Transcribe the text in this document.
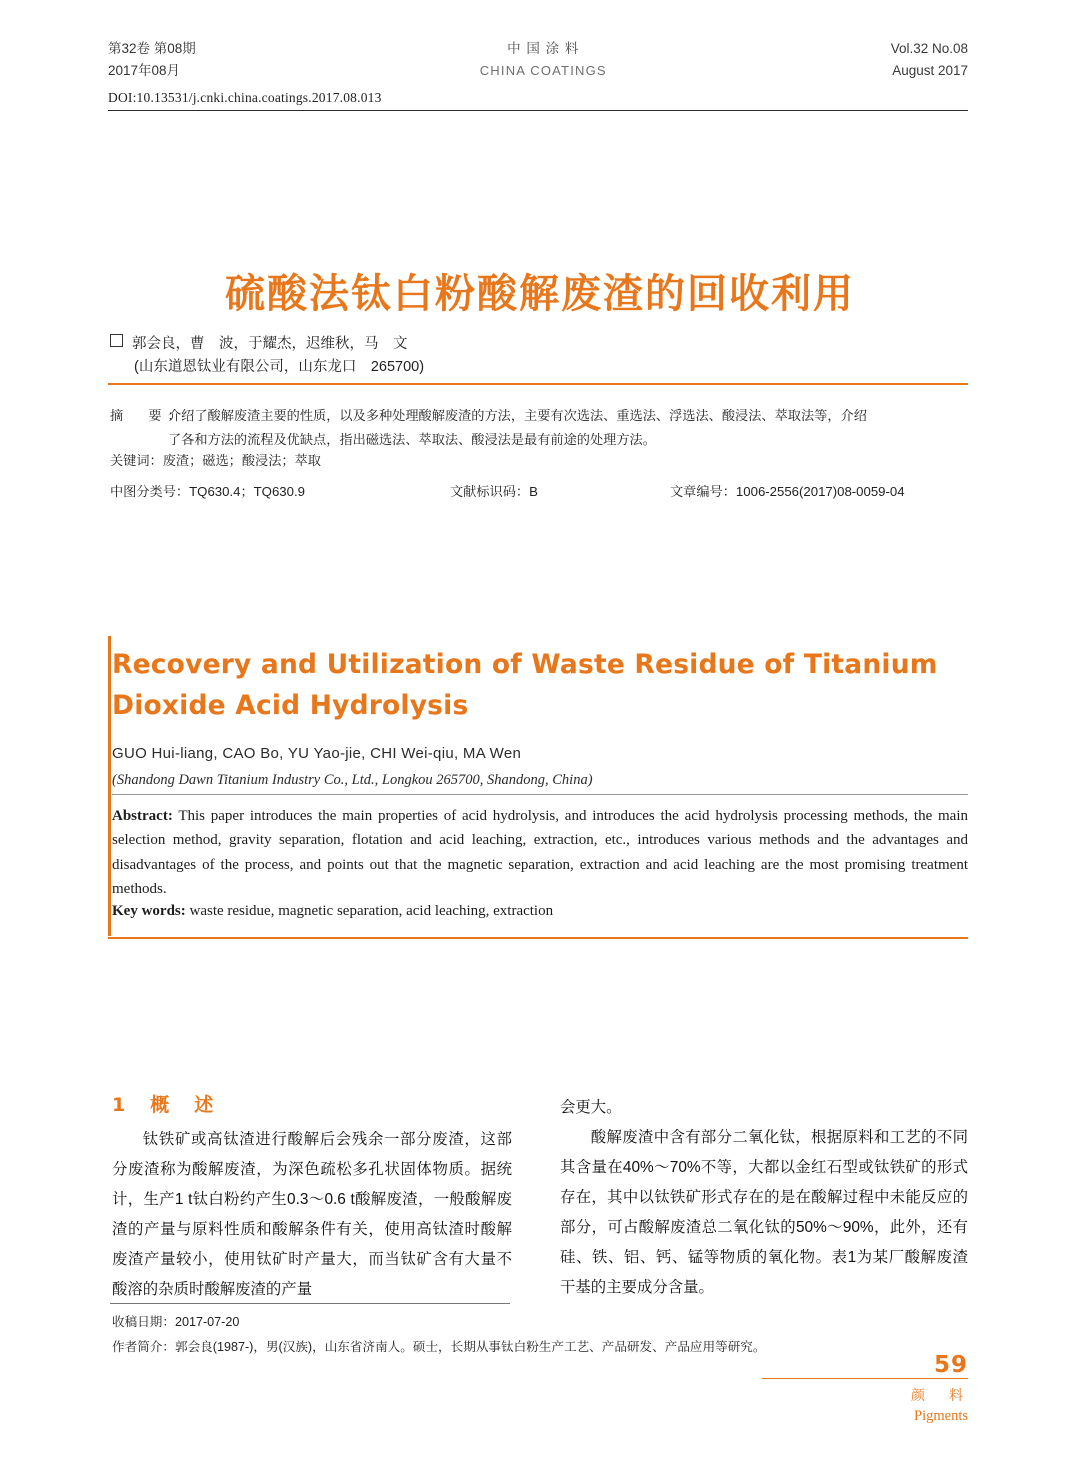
第32卷 第08期
2017年08月
中 国 涂 料
CHINA COATINGS
Vol.32 No.08
August 2017
DOI:10.13531/j.cnki.china.coatings.2017.08.013
硫酸法钛白粉酸解废渣的回收利用
郭会良，曹　波，于耀杰，迟维秋，马　文
(山东道恩钛业有限公司，山东龙口　265700)
摘　要：
介绍了酸解废渣主要的性质，以及多种处理酸解废渣的方法，主要有次选法、重选法、浮选法、酸浸法、萃取法等，介绍了各和方法的流程及优缺点，指出磁选法、萃取法、酸浸法是最有前途的处理方法。
关键词：废渣；磁选；酸浸法；萃取
中图分类号：TQ630.4；TQ630.9	文献标识码：B	文章编号：1006-2556(2017)08-0059-04
Recovery and Utilization of Waste Residue of Titanium Dioxide Acid Hydrolysis
GUO Hui-liang, CAO Bo, YU Yao-jie, CHI Wei-qiu, MA Wen
(Shandong Dawn Titanium Industry Co., Ltd., Longkou 265700, Shandong, China)
Abstract: This paper introduces the main properties of acid hydrolysis, and introduces the acid hydrolysis processing methods, the main selection method, gravity separation, flotation and acid leaching, extraction, etc., introduces various methods and the advantages and disadvantages of the process, and points out that the magnetic separation, extraction and acid leaching are the most promising treatment methods.
Key words: waste residue, magnetic separation, acid leaching, extraction
1　概　述

钛铁矿或高钛渣进行酸解后会残余一部分废渣，这部分废渣称为酸解废渣，为深色疏松多孔状固体物质。据统计，生产1 t钛白粉约产生0.3～0.6 t酸解废渣，一般酸解废渣的产量与原料性质和酸解条件有关，使用高钛渣时酸解废渣产量较小，使用钛矿时产量大，而当钛矿含有大量不酸溶的杂质时酸解废渣的产量

会更大。

酸解废渣中含有部分二氧化钛，根据原料和工艺的不同其含量在40%～70%不等，大都以金红石型或钛铁矿的形式存在，其中以钛铁矿形式存在的是在酸解过程中未能反应的部分，可占酸解废渣总二氧化钛的50%～90%，此外，还有硅、铁、铝、钙、锰等物质的氧化物。表1为某厂酸解废渣干基的主要成分含量。

收稿日期：2017-07-20
作者简介：郭会良(1987-)，男(汉族)，山东省济南人。硕士，长期从事钛白粉生产工艺、产品研发、产品应用等研究。
59
颜　料
Pigments
